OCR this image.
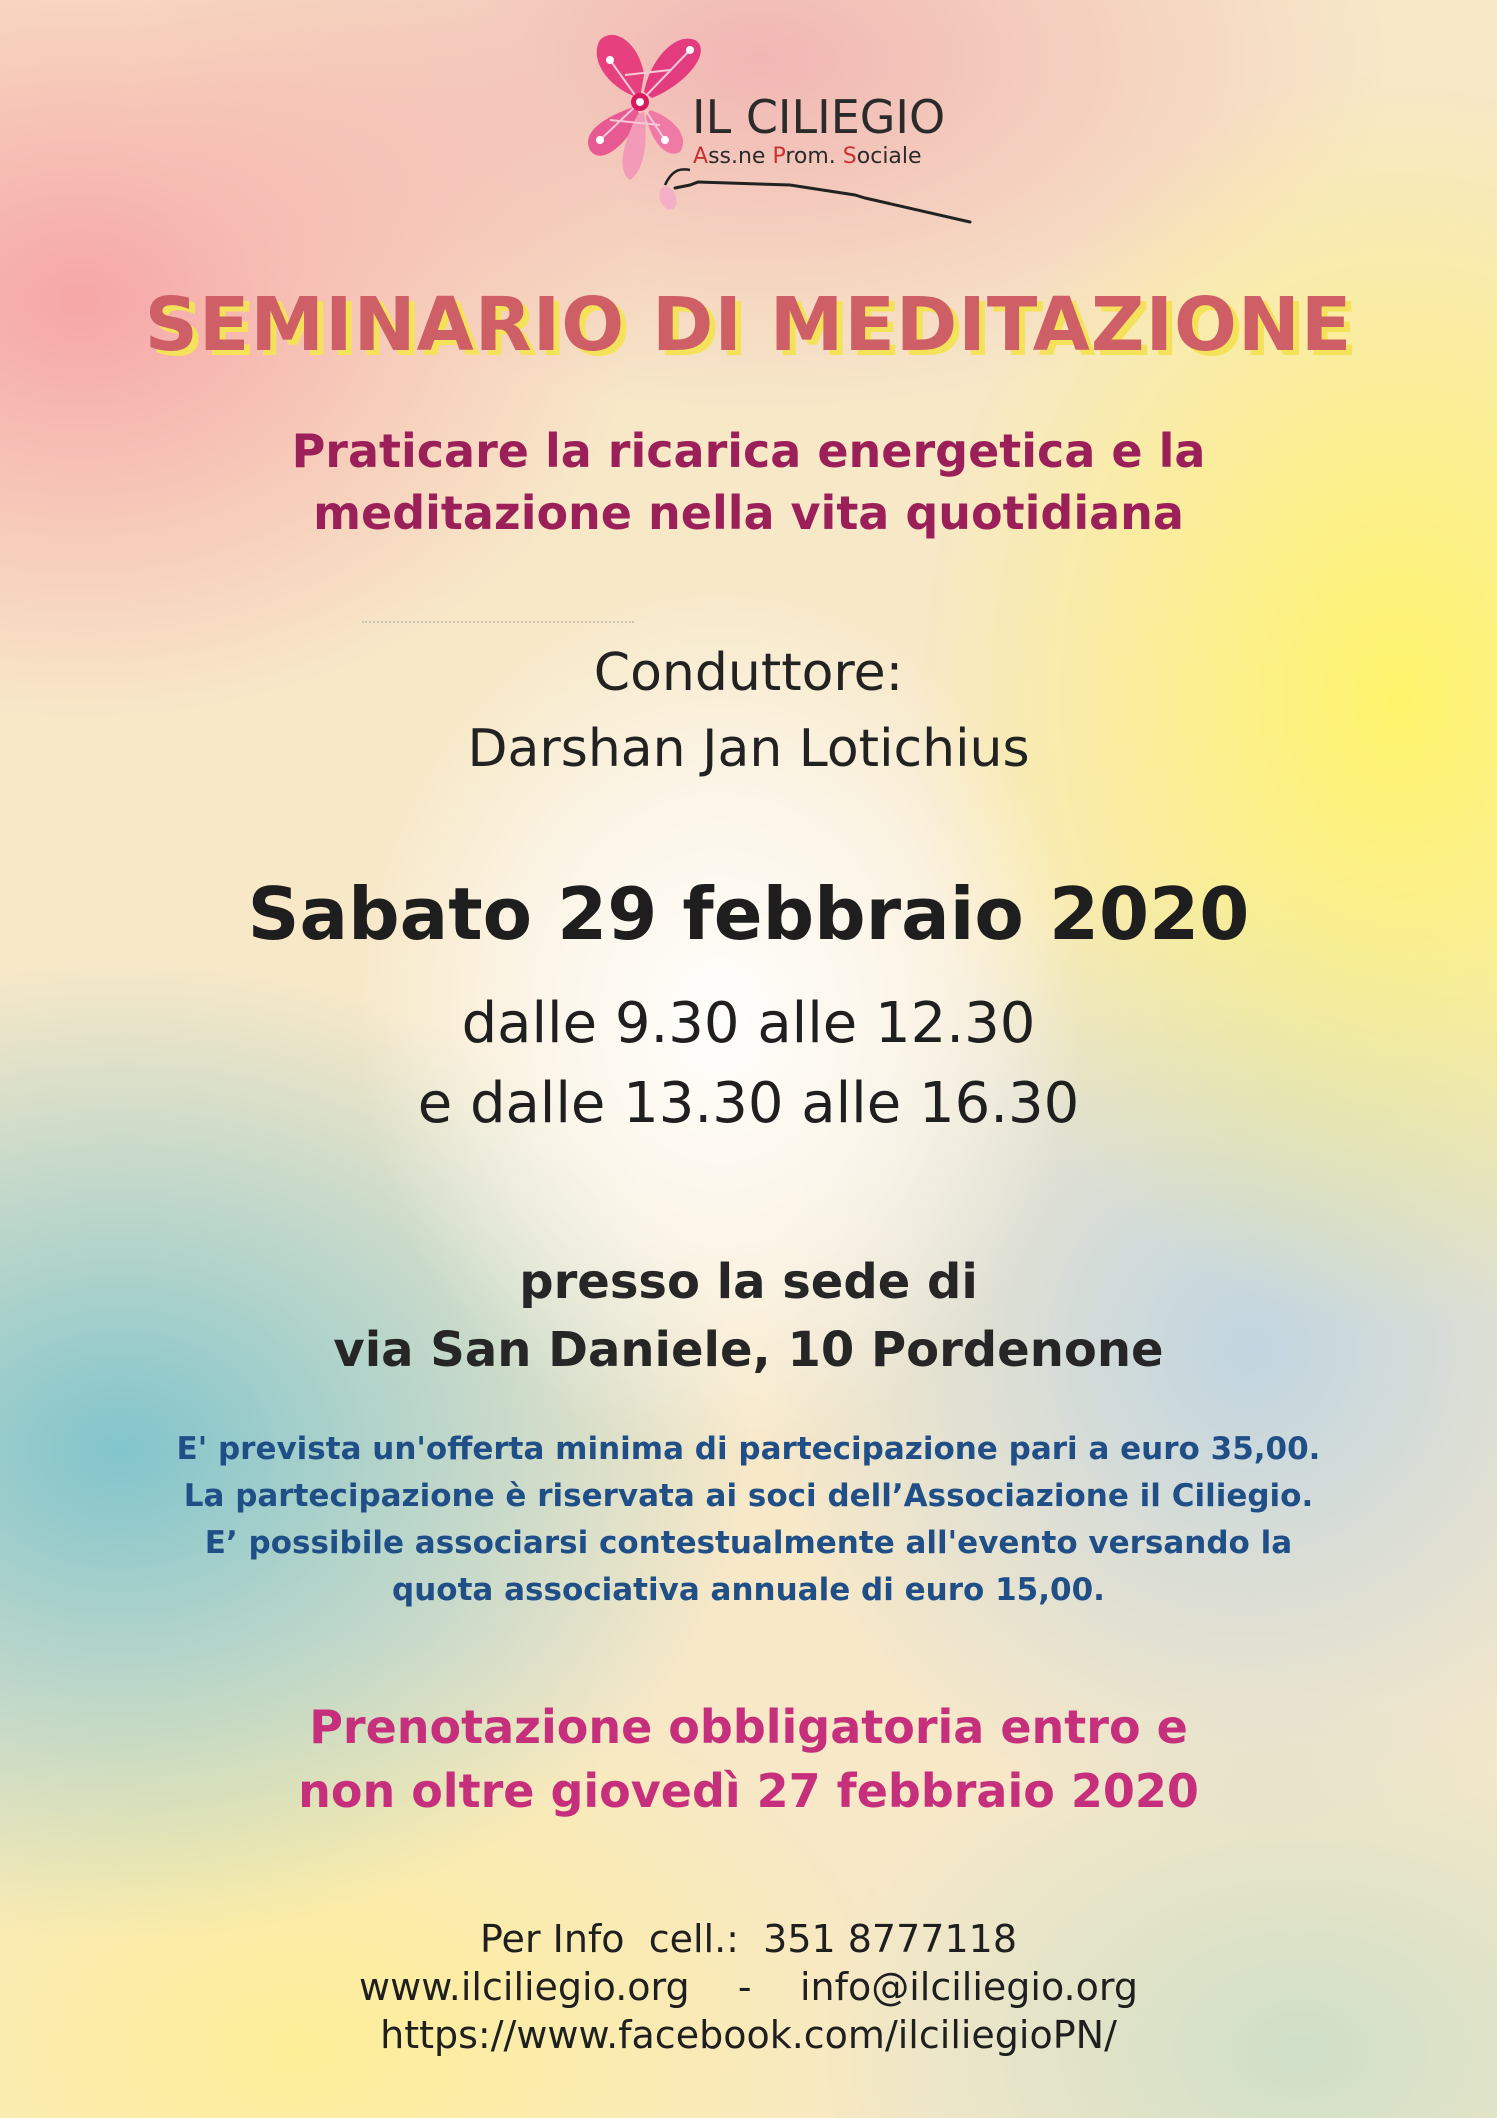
IL CILIEGIO
Ass.ne Prom. Sociale
SEMINARIO DI MEDITAZIONE
Praticare la ricarica energetica e la
meditazione nella vita quotidiana
Conduttore:
Darshan Jan Lotichius
Sabato 29 febbraio 2020
dalle 9.30 alle 12.30
e dalle 13.30 alle 16.30
presso la sede di
via San Daniele, 10 Pordenone
E' prevista un'offerta minima di partecipazione pari a euro 35,00.
La partecipazione è riservata ai soci dell’Associazione il Ciliegio.
E’ possibile associarsi contestualmente all'evento versando la
quota associativa annuale di euro 15,00.
Prenotazione obbligatoria entro e
non oltre giovedì 27 febbraio 2020
Per Info  cell.:  351 8777118
www.ilciliegio.org    -    info@ilciliegio.org
https://www.facebook.com/ilciliegioPN/
